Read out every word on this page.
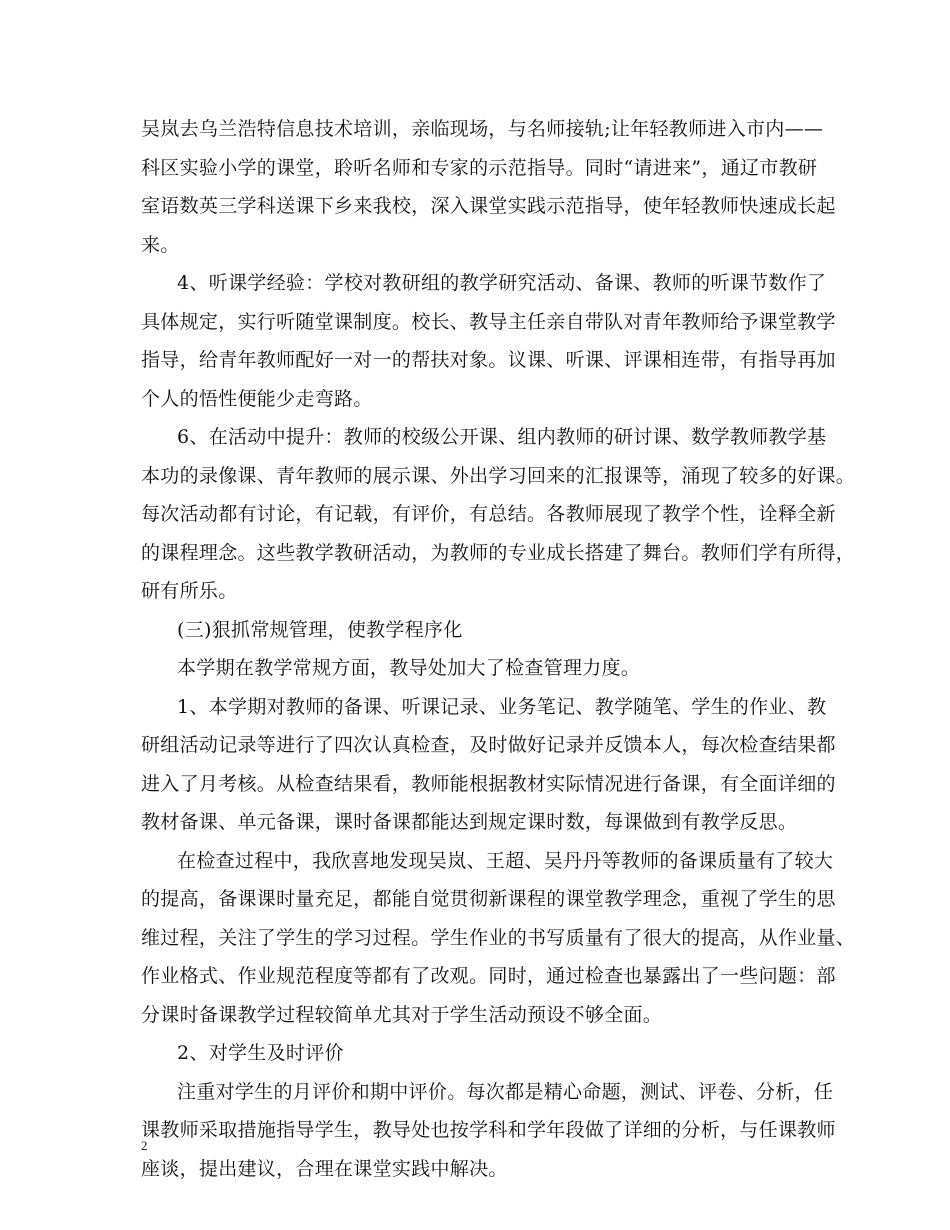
吴岚去乌兰浩特信息技术培训，亲临现场，与名师接轨;让年轻教师进入市内——
科区实验小学的课堂，聆听名师和专家的示范指导。同时“请进来”，通辽市教研
室语数英三学科送课下乡来我校，深入课堂实践示范指导，使年轻教师快速成长起
来。

4、听课学经验：学校对教研组的教学研究活动、备课、教师的听课节数作了
具体规定，实行听随堂课制度。校长、教导主任亲自带队对青年教师给予课堂教学
指导，给青年教师配好一对一的帮扶对象。议课、听课、评课相连带，有指导再加
个人的悟性便能少走弯路。

6、在活动中提升：教师的校级公开课、组内教师的研讨课、数学教师教学基
本功的录像课、青年教师的展示课、外出学习回来的汇报课等，涌现了较多的好课。
每次活动都有讨论，有记载，有评价，有总结。各教师展现了教学个性，诠释全新
的课程理念。这些教学教研活动，为教师的专业成长搭建了舞台。教师们学有所得，
研有所乐。

(三)狠抓常规管理，使教学程序化

本学期在教学常规方面，教导处加大了检查管理力度。

1、本学期对教师的备课、听课记录、业务笔记、教学随笔、学生的作业、教
研组活动记录等进行了四次认真检查，及时做好记录并反馈本人，每次检查结果都
进入了月考核。从检查结果看，教师能根据教材实际情况进行备课，有全面详细的
教材备课、单元备课，课时备课都能达到规定课时数，每课做到有教学反思。

在检查过程中，我欣喜地发现吴岚、王超、吴丹丹等教师的备课质量有了较大
的提高，备课课时量充足，都能自觉贯彻新课程的课堂教学理念，重视了学生的思
维过程，关注了学生的学习过程。学生作业的书写质量有了很大的提高，从作业量、
作业格式、作业规范程度等都有了改观。同时，通过检查也暴露出了一些问题：部
分课时备课教学过程较简单尤其对于学生活动预设不够全面。

2、对学生及时评价

注重对学生的月评价和期中评价。每次都是精心命题，测试、评卷、分析，任
课教师采取措施指导学生，教导处也按学科和学年段做了详细的分析，与任课教师
座谈，提出建议，合理在课堂实践中解决。

2
